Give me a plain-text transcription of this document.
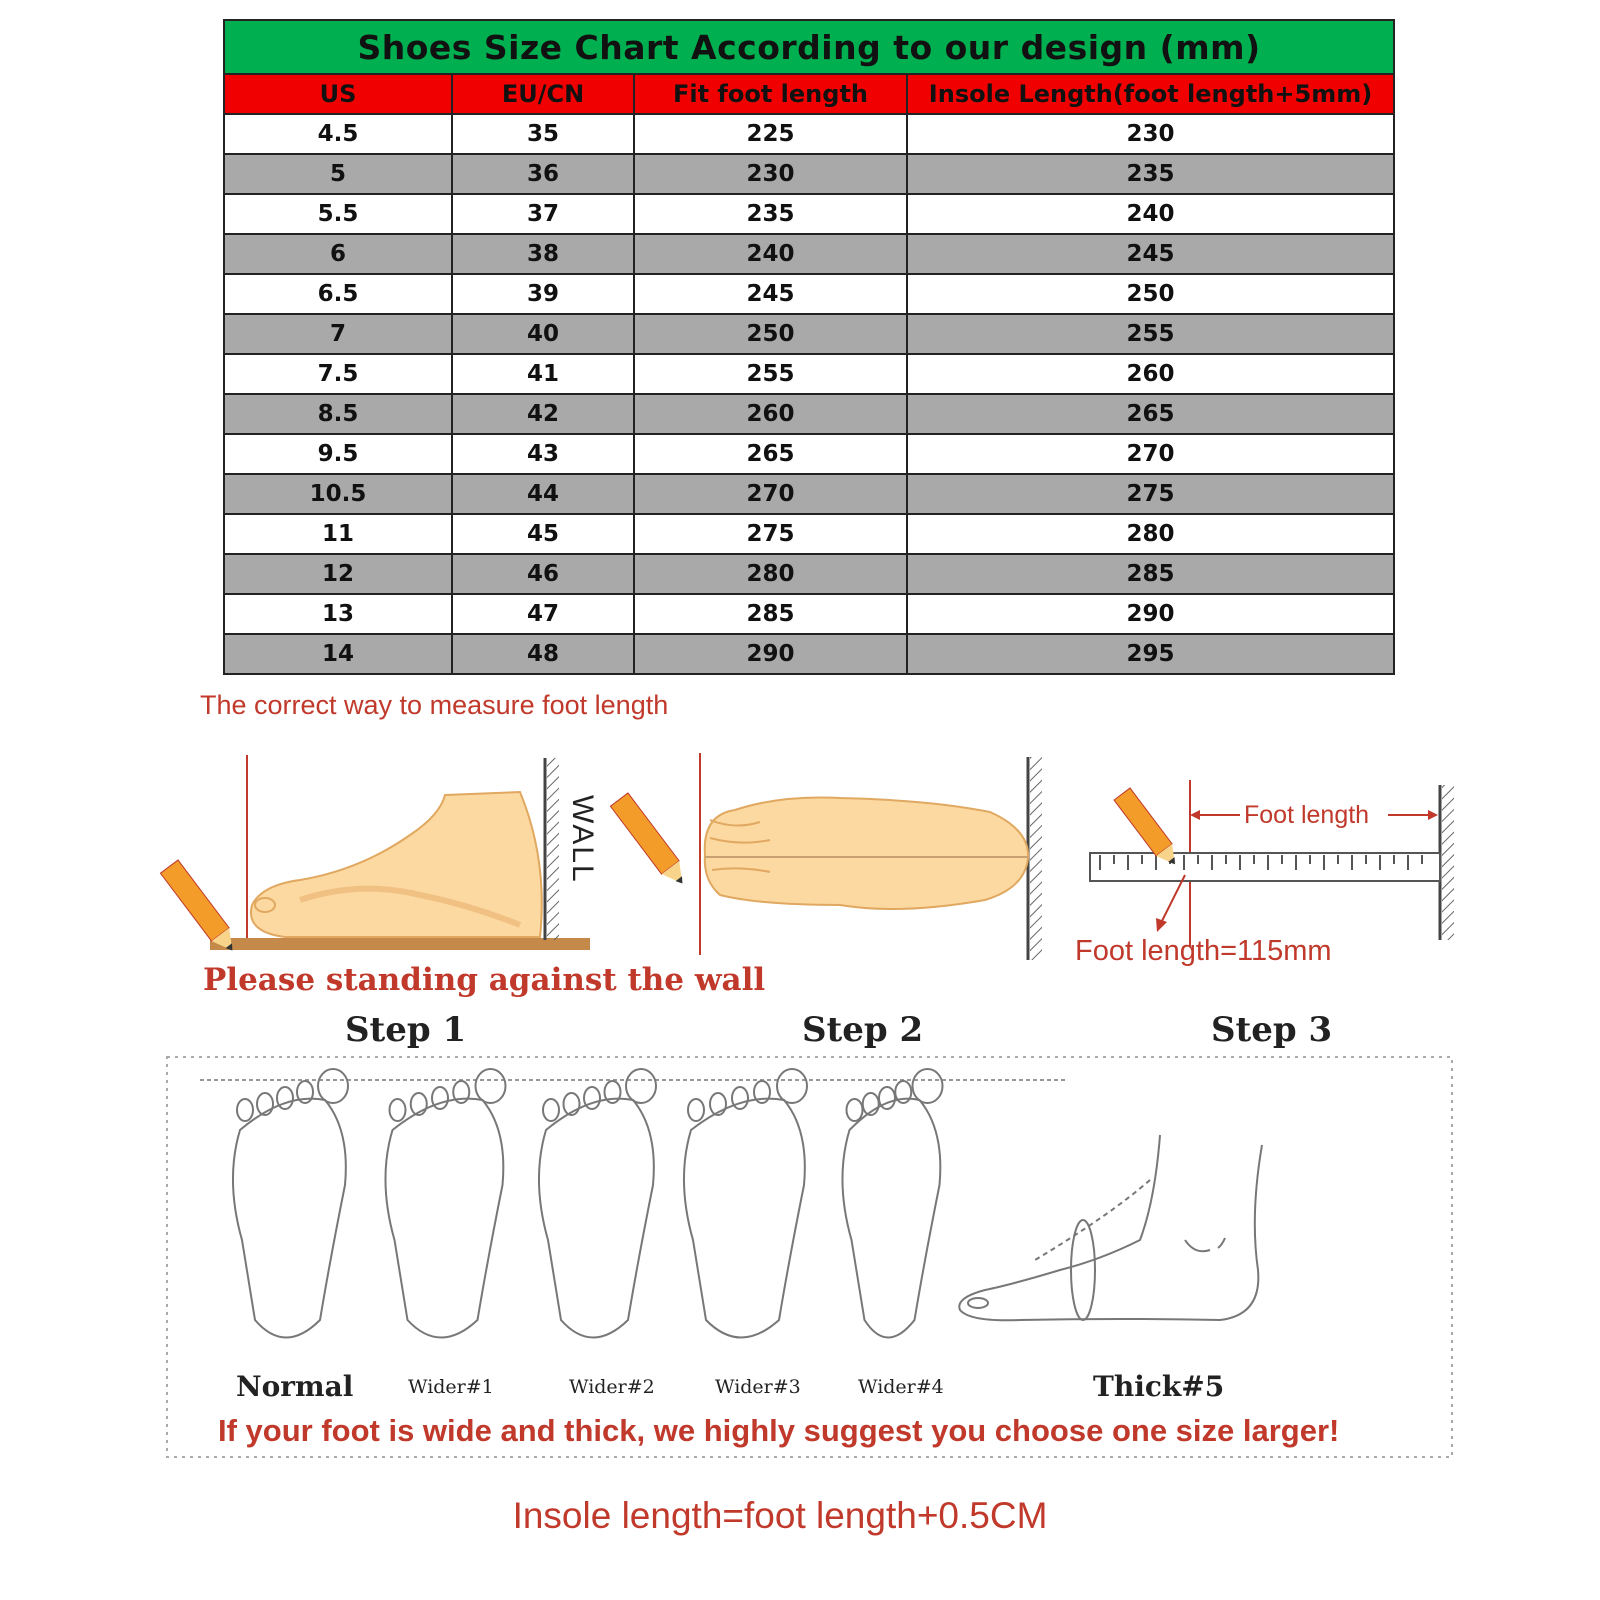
Shoes Size Chart According to our design (mm)			
US	EU/CN	Fit foot length	Insole Length(foot length+5mm)
4.5	35	225	230
5	36	230	235
5.5	37	235	240
6	38	240	245
6.5	39	245	250
7	40	250	255
7.5	41	255	260
8.5	42	260	265
9.5	43	265	270
10.5	44	270	275
11	45	275	280
12	46	280	285
13	47	285	290
14	48	290	295
The correct way to measure foot length
WALL
Please standing against the wall
Foot length
Foot length=115mm
Step 1	Step 2	Step 3
Normal	Wider#1	Wider#2	Wider#3	Wider#4	Thick#5
If your foot is wide and thick, we highly suggest you choose one size larger!
Insole length=foot length+0.5CM
